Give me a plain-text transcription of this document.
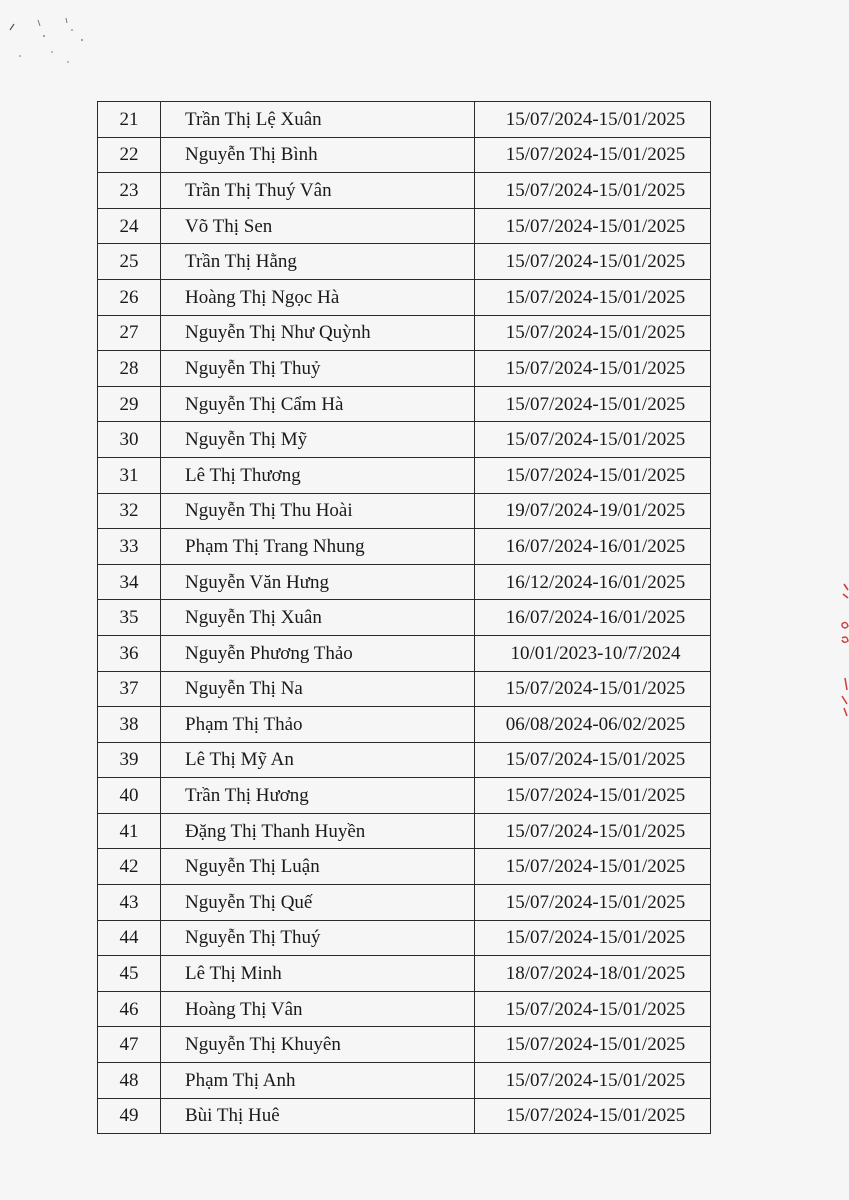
21	Trần Thị Lệ Xuân	15/07/2024-15/01/2025
22	Nguyễn Thị Bình	15/07/2024-15/01/2025
23	Trần Thị Thuý Vân	15/07/2024-15/01/2025
24	Võ Thị Sen	15/07/2024-15/01/2025
25	Trần Thị Hằng	15/07/2024-15/01/2025
26	Hoàng Thị Ngọc Hà	15/07/2024-15/01/2025
27	Nguyễn Thị Như Quỳnh	15/07/2024-15/01/2025
28	Nguyễn Thị Thuỷ	15/07/2024-15/01/2025
29	Nguyễn Thị Cẩm Hà	15/07/2024-15/01/2025
30	Nguyễn Thị Mỹ	15/07/2024-15/01/2025
31	Lê Thị Thương	15/07/2024-15/01/2025
32	Nguyễn Thị Thu Hoài	19/07/2024-19/01/2025
33	Phạm Thị Trang Nhung	16/07/2024-16/01/2025
34	Nguyễn Văn Hưng	16/12/2024-16/01/2025
35	Nguyễn Thị Xuân	16/07/2024-16/01/2025
36	Nguyễn Phương Thảo	10/01/2023-10/7/2024
37	Nguyễn Thị Na	15/07/2024-15/01/2025
38	Phạm Thị Thảo	06/08/2024-06/02/2025
39	Lê Thị Mỹ An	15/07/2024-15/01/2025
40	Trần Thị Hương	15/07/2024-15/01/2025
41	Đặng Thị Thanh Huyền	15/07/2024-15/01/2025
42	Nguyễn Thị Luận	15/07/2024-15/01/2025
43	Nguyễn Thị Quế	15/07/2024-15/01/2025
44	Nguyễn Thị Thuý	15/07/2024-15/01/2025
45	Lê Thị Minh	18/07/2024-18/01/2025
46	Hoàng Thị Vân	15/07/2024-15/01/2025
47	Nguyễn Thị Khuyên	15/07/2024-15/01/2025
48	Phạm Thị Anh	15/07/2024-15/01/2025
49	Bùi Thị Huê	15/07/2024-15/01/2025
